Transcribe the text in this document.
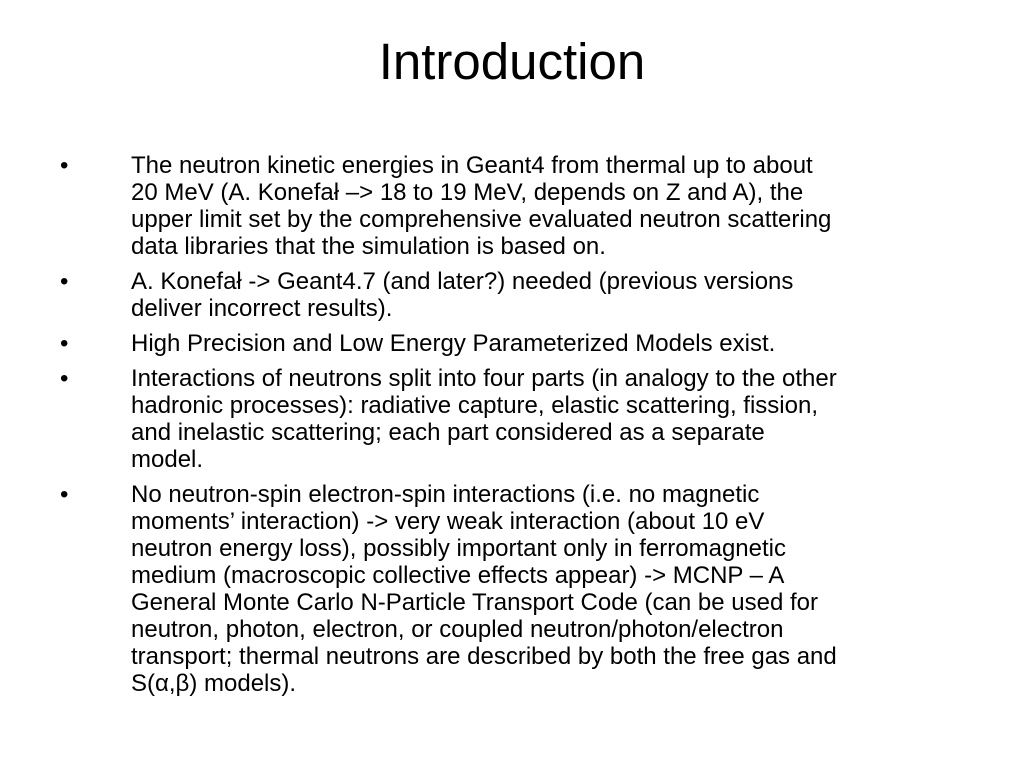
Introduction
•	The neutron kinetic energies in Geant4 from thermal up to about
20 MeV (A. Konefał –> 18 to 19 MeV, depends on Z and A), the
upper limit set by the comprehensive evaluated neutron scattering
data libraries that the simulation is based on.
•	A. Konefał -> Geant4.7 (and later?) needed (previous versions
deliver incorrect results).
•	High Precision and Low Energy Parameterized Models exist.
•	Interactions of neutrons split into four parts (in analogy to the other
hadronic processes): radiative capture, elastic scattering, fission,
and inelastic scattering; each part considered as a separate
model.
•	No neutron-spin electron-spin interactions (i.e. no magnetic
moments’ interaction) -> very weak interaction (about 10 eV
neutron energy loss), possibly important only in ferromagnetic
medium (macroscopic collective effects appear) -> MCNP – A
General Monte Carlo N-Particle Transport Code (can be used for
neutron, photon, electron, or coupled neutron/photon/electron
transport; thermal neutrons are described by both the free gas and
S(α,β) models).
